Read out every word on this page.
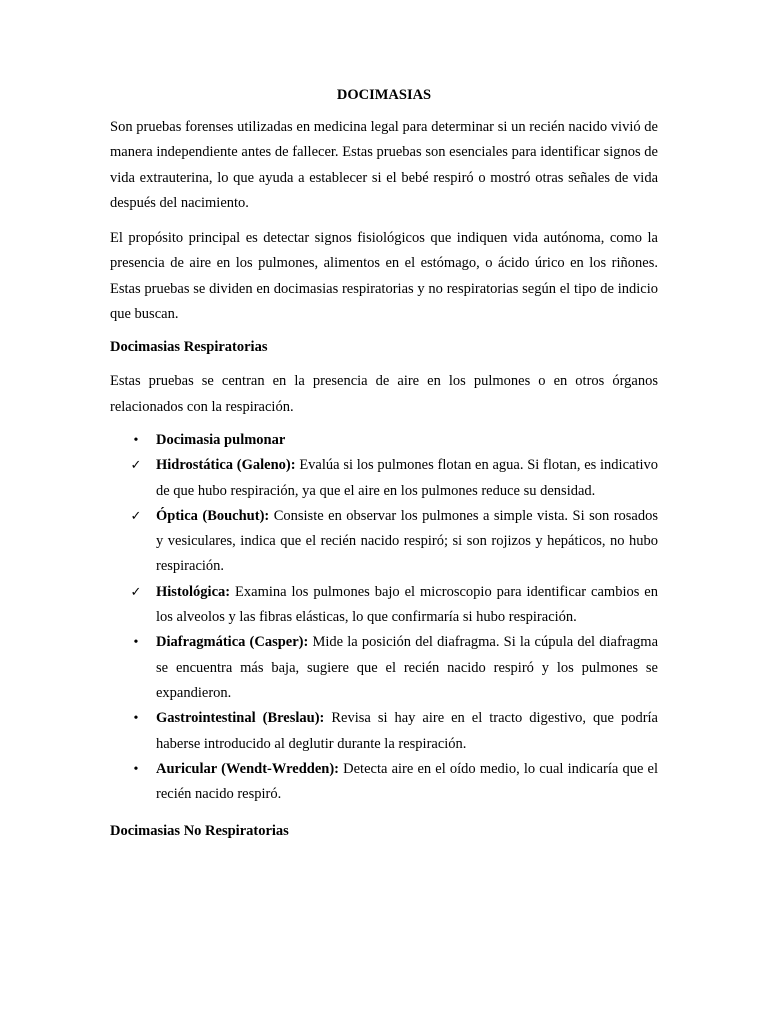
DOCIMASIAS

Son pruebas forenses utilizadas en medicina legal para determinar si un recién nacido vivió de manera independiente antes de fallecer. Estas pruebas son esenciales para identificar signos de vida extrauterina, lo que ayuda a establecer si el bebé respiró o mostró otras señales de vida después del nacimiento.

El propósito principal es detectar signos fisiológicos que indiquen vida autónoma, como la presencia de aire en los pulmones, alimentos en el estómago, o ácido úrico en los riñones. Estas pruebas se dividen en docimasias respiratorias y no respiratorias según el tipo de indicio que buscan.

Docimasias Respiratorias

Estas pruebas se centran en la presencia de aire en los pulmones o en otros órganos relacionados con la respiración.

•	Docimasia pulmonar
✓ Hidrostática (Galeno): Evalúa si los pulmones flotan en agua. Si flotan, es indicativo de que hubo respiración, ya que el aire en los pulmones reduce su densidad.
✓ Óptica (Bouchut): Consiste en observar los pulmones a simple vista. Si son rosados y vesiculares, indica que el recién nacido respiró; si son rojizos y hepáticos, no hubo respiración.
✓ Histológica: Examina los pulmones bajo el microscopio para identificar cambios en los alveolos y las fibras elásticas, lo que confirmaría si hubo respiración.
•	Diafragmática (Casper): Mide la posición del diafragma. Si la cúpula del diafragma se encuentra más baja, sugiere que el recién nacido respiró y los pulmones se expandieron.
•	Gastrointestinal (Breslau): Revisa si hay aire en el tracto digestivo, que podría haberse introducido al deglutir durante la respiración.
•	Auricular (Wendt-Wredden): Detecta aire en el oído medio, lo cual indicaría que el recién nacido respiró.
Docimasias No Respiratorias
